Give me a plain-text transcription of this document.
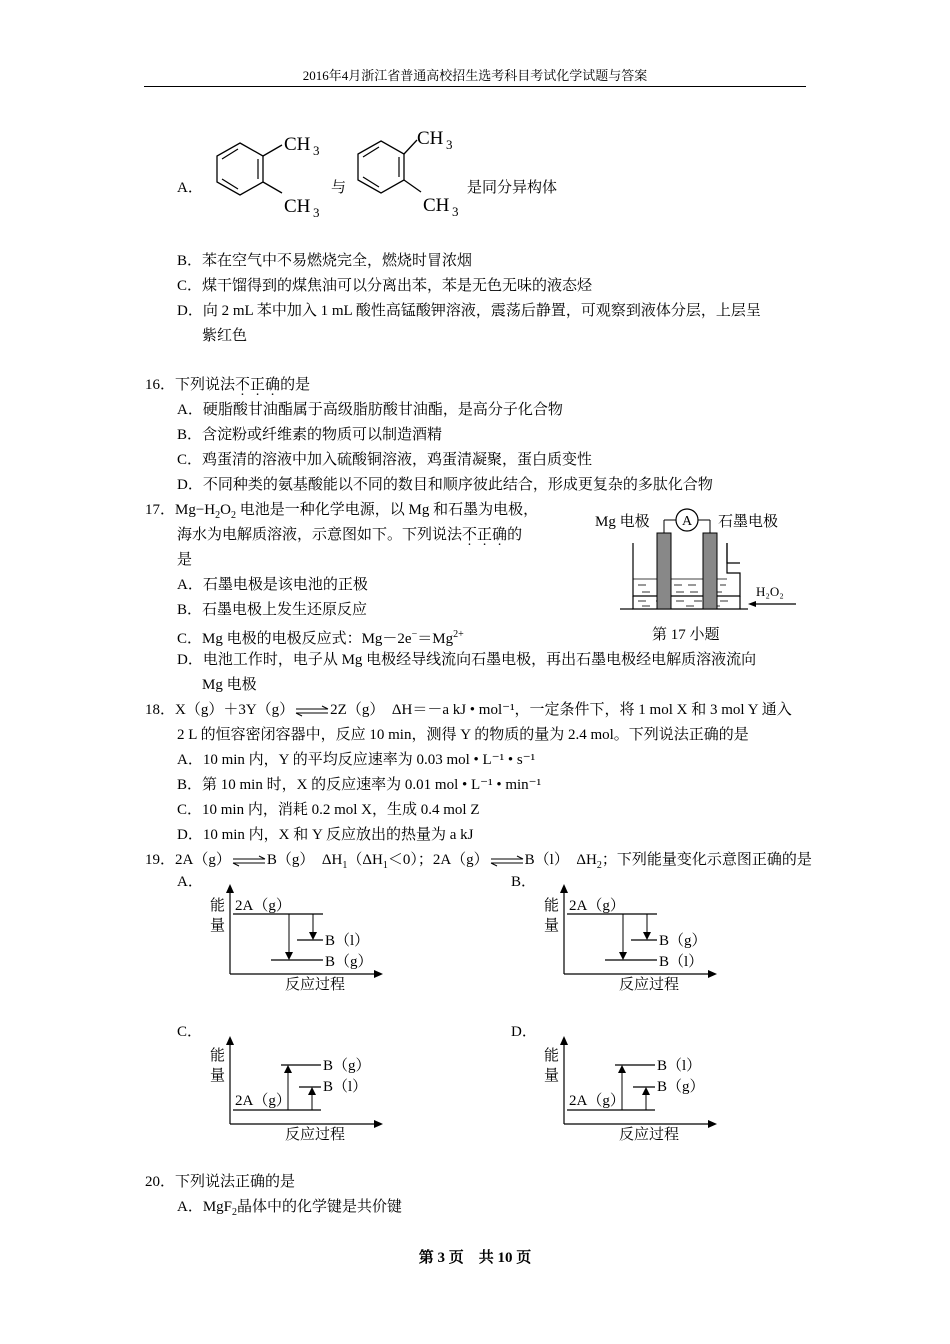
2016年4月浙江省普通高校招生选考科目考试化学试题与答案
A．
CH 3
CH 3
与
CH 3
CH 3
是同分异构体
B．苯在空气中不易燃烧完全，燃烧时冒浓烟
C．煤干馏得到的煤焦油可以分离出苯，苯是无色无味的液态烃
D．向 2 mL 苯中加入 1 mL 酸性高锰酸钾溶液，震荡后静置，可观察到液体分层，上层呈
紫红色
16．下列说法不正确的是
A．硬脂酸甘油酯属于高级脂肪酸甘油酯，是高分子化合物
B．含淀粉或纤维素的物质可以制造酒精
C．鸡蛋清的溶液中加入硫酸铜溶液，鸡蛋清凝聚，蛋白质变性
D．不同种类的氨基酸能以不同的数目和顺序彼此结合，形成更复杂的多肽化合物
17．$Mg-H_2O_2$ 电池是一种化学电源，以 Mg 和石墨为电极，
海水为电解质溶液，示意图如下。下列说法不正确的
是
A．石墨电极是该电池的正极
B．石墨电极上发生还原反应
C．Mg 电极的电极反应式：$Mg-2e^-=Mg^{2+}$
D．电池工作时，电子从 Mg 电极经导线流向石墨电极，再出石墨电极经电解质溶液流向
Mg 电极
Mg 电极 A 石墨电极
H₂O₂
第 17 小题
18．X（g）＋3Y（g）⇌2Z（g）　ΔH＝－a kJ • mol⁻¹，一定条件下，将 1 mol X 和 3 mol Y 通入
2 L 的恒容密闭容器中，反应 10 min，测得 Y 的物质的量为 2.4 mol。下列说法正确的是
A．10 min 内，Y 的平均反应速率为 0.03 mol • L⁻¹ • s⁻¹
B．第 10 min 时，X 的反应速率为 0.01 mol • L⁻¹ • min⁻¹
C．10 min 内，消耗 0.2 mol X，生成 0.4 mol Z
D．10 min 内，X 和 Y 反应放出的热量为 a kJ
19．2A（g）⇌B（g）　$\Delta H_1(\Delta H_1<0)$；2A（g）⇌B（l）　$\Delta H_2$；下列能量变化示意图正确的是
A．	B．
C．	D．
能
量
反应过程
2A（g）
B（l）
B（g）
能
量
反应过程
2A（g）
B（g）
B（l）
能
量
反应过程
B（g）
B（l）
2A（g）
能
量
反应过程
B（l）
B（g）
2A（g）
20．下列说法正确的是
A．MgF$_2$晶体中的化学键是共价键
第 3 页　共 10 页
